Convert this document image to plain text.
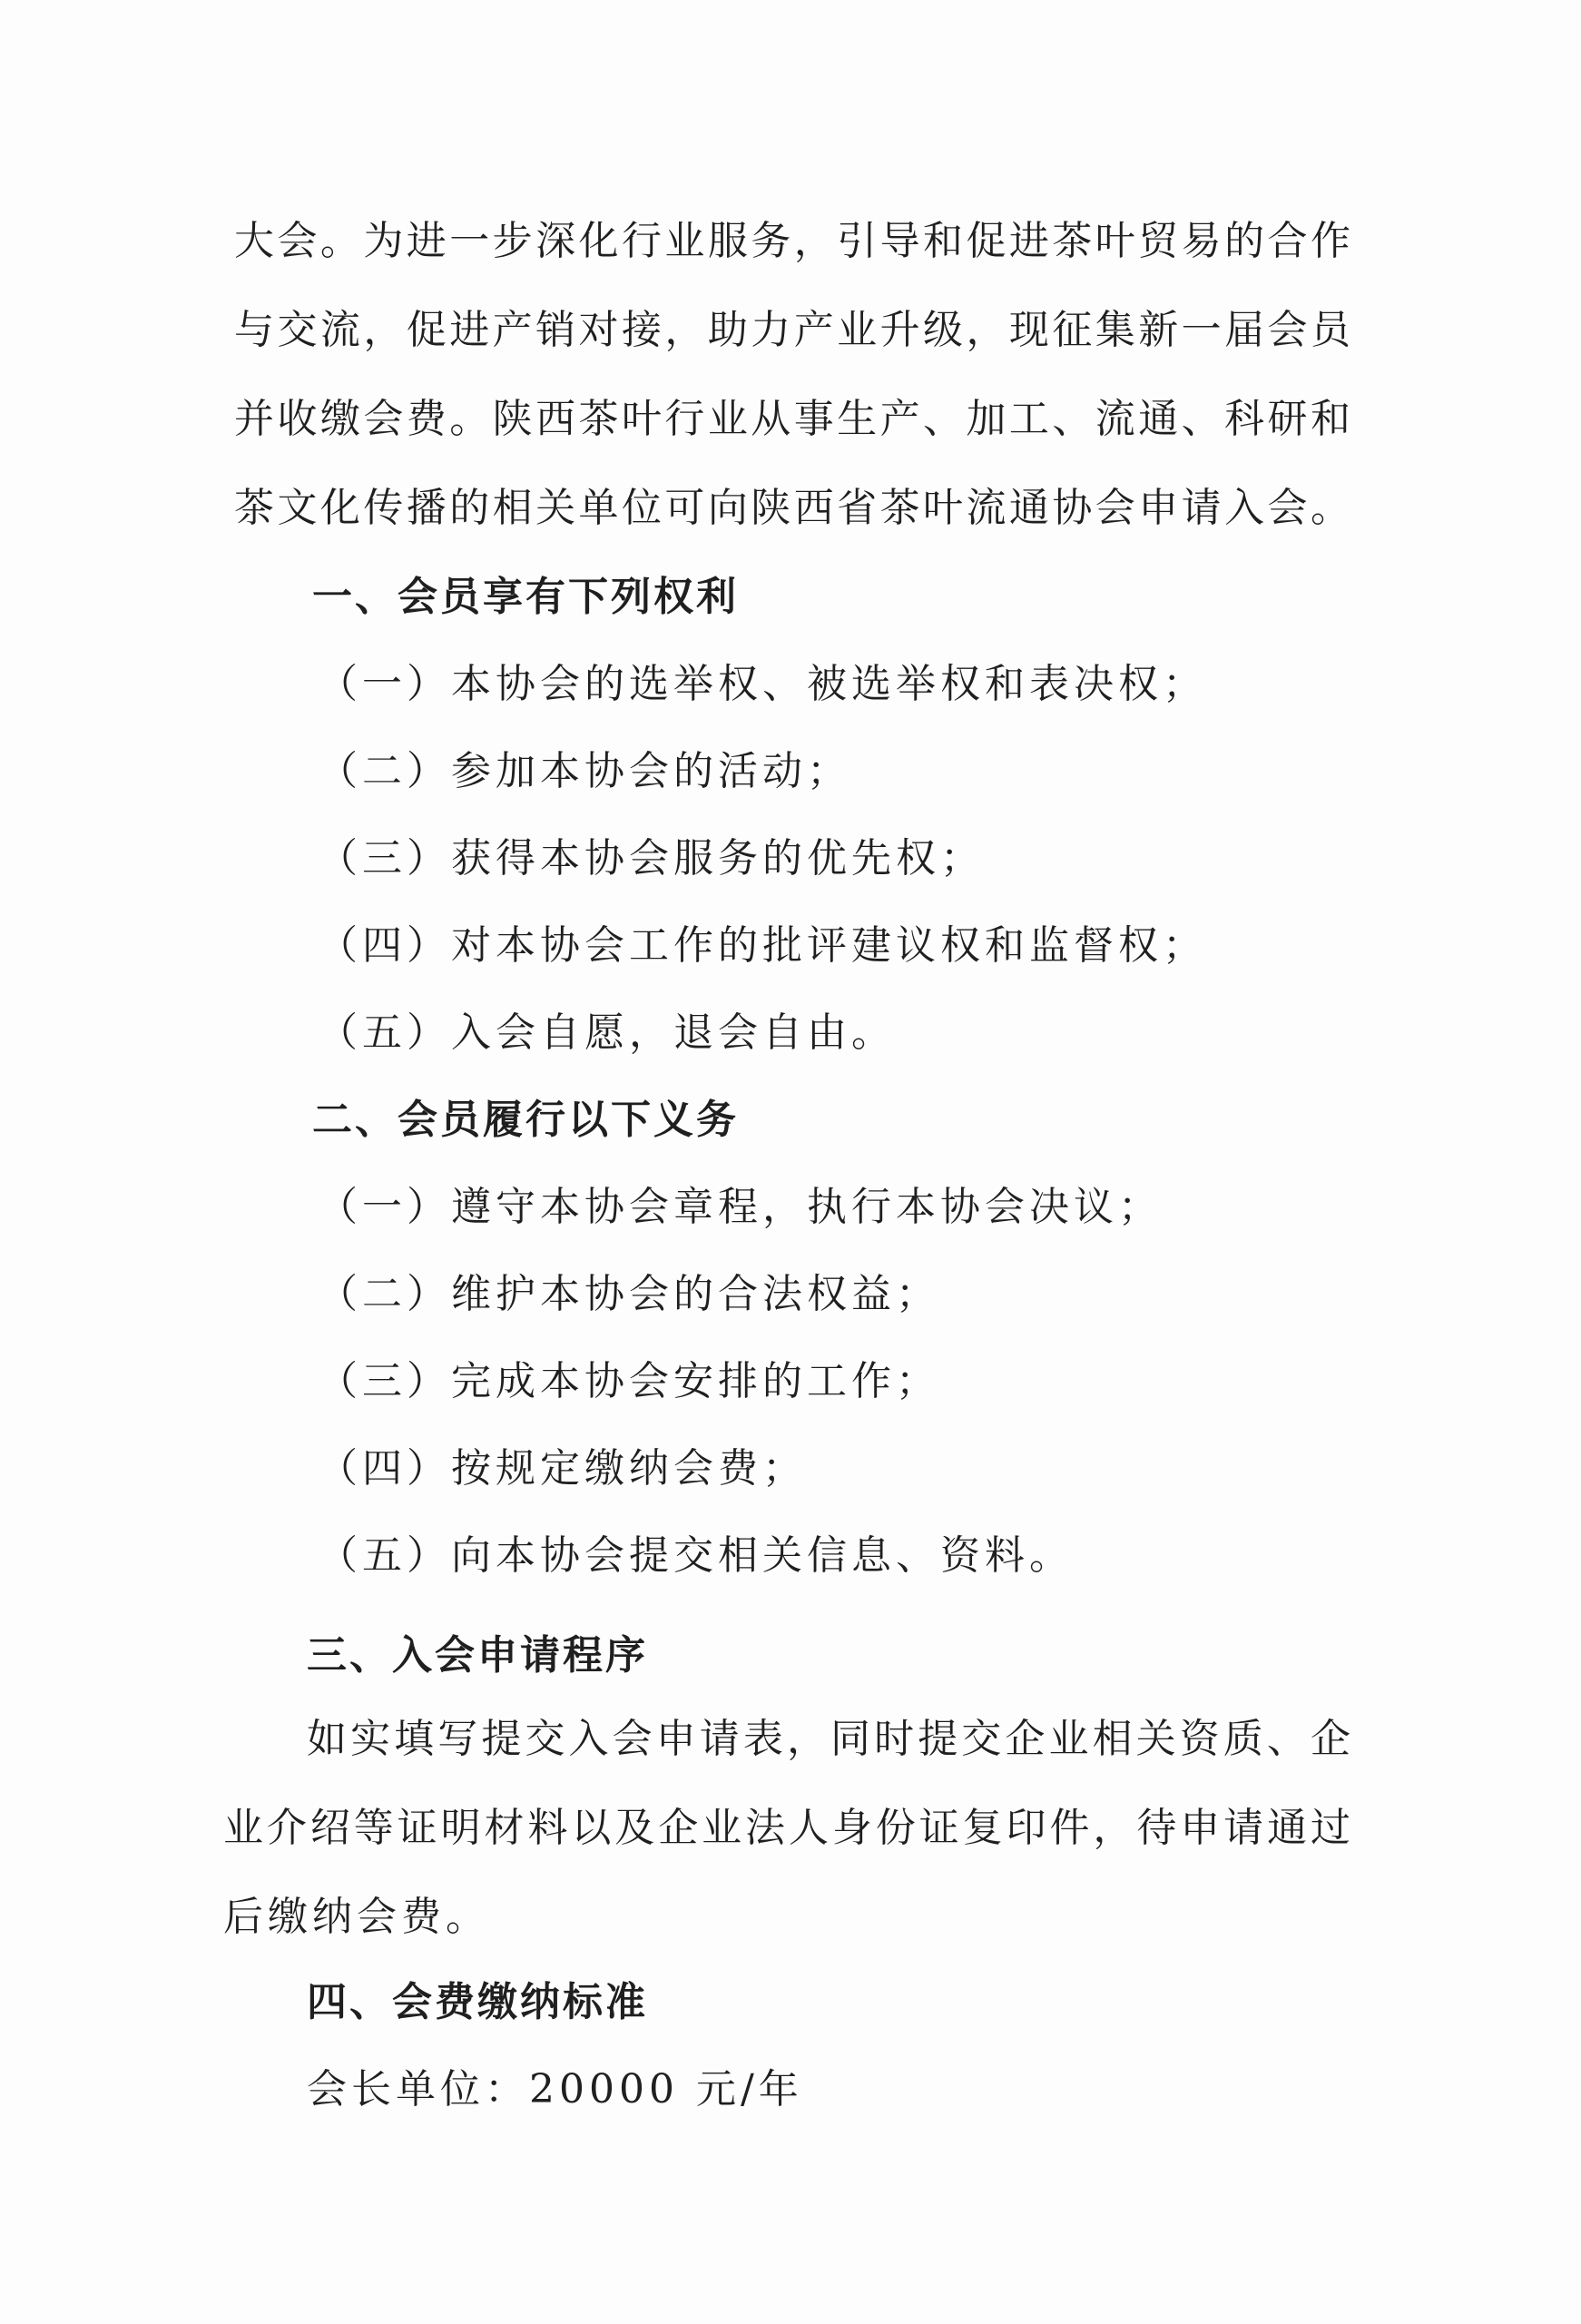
大会。为进一步深化行业服务，引导和促进茶叶贸易的合作
与交流，促进产销对接，助力产业升级，现征集新一届会员
并收缴会费。陕西茶叶行业从事生产、加工、流通、科研和
茶文化传播的相关单位可向陕西省茶叶流通协会申请入会。
一、会员享有下列权利
（一）本协会的选举权、被选举权和表决权；
（二）参加本协会的活动；
（三）获得本协会服务的优先权；
（四）对本协会工作的批评建议权和监督权；
（五）入会自愿，退会自由。
二、会员履行以下义务
（一）遵守本协会章程，执行本协会决议；
（二）维护本协会的合法权益；
（三）完成本协会安排的工作；
（四）按规定缴纳会费；
（五）向本协会提交相关信息、资料。
三、入会申请程序
如实填写提交入会申请表，同时提交企业相关资质、企
业介绍等证明材料以及企业法人身份证复印件，待申请通过
后缴纳会费。
四、会费缴纳标准
会长单位：20000 元/年
